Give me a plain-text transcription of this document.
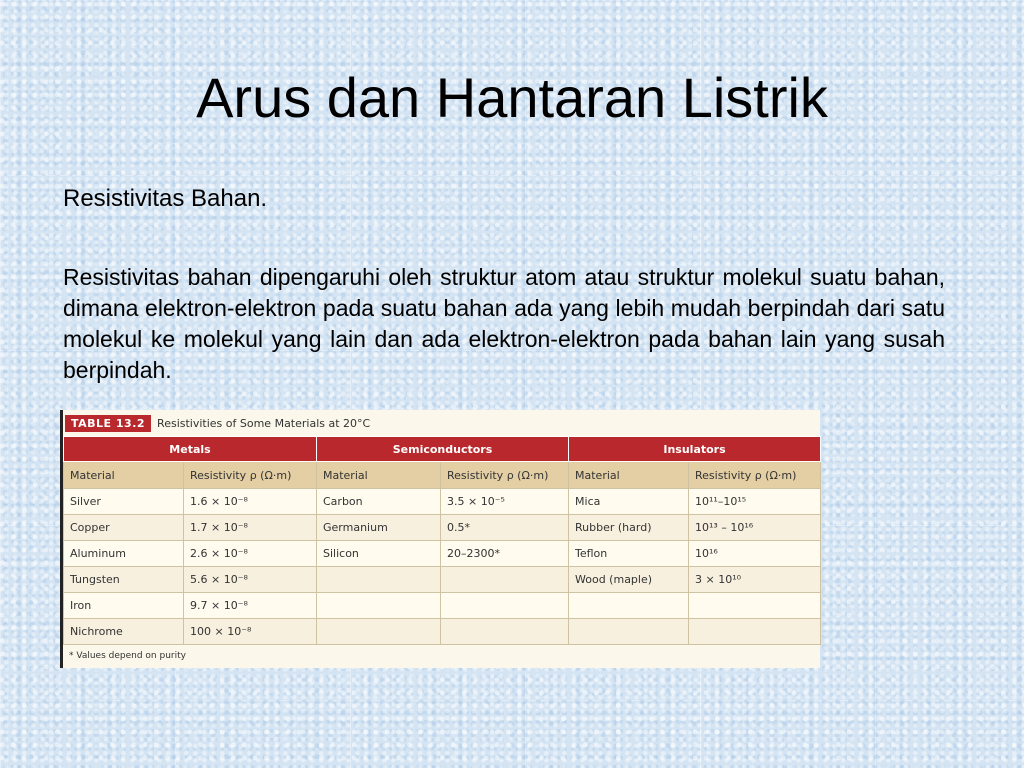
Arus dan Hantaran Listrik
Resistivitas Bahan.

Resistivitas bahan dipengaruhi oleh struktur atom atau struktur molekul suatu bahan, dimana elektron-elektron pada suatu bahan ada yang lebih mudah berpindah dari satu molekul ke molekul yang lain dan ada elektron-elektron pada bahan lain yang susah berpindah.

TABLE 13.2	Resistivities of Some Materials at 20°C
Metals		Semiconductors		Insulators	
Material	Resistivity ρ (Ω·m)	Material	Resistivity ρ (Ω·m)	Material	Resistivity ρ (Ω·m)
Silver	1.6 × 10⁻⁸	Carbon	3.5 × 10⁻⁵	Mica	10¹¹–10¹⁵
Copper	1.7 × 10⁻⁸	Germanium	0.5*	Rubber (hard)	10¹³ – 10¹⁶
Aluminum	2.6 × 10⁻⁸	Silicon	20–2300*	Teflon	10¹⁶
Tungsten	5.6 × 10⁻⁸			Wood (maple)	3 × 10¹⁰
Iron	9.7 × 10⁻⁸				
Nichrome	100 × 10⁻⁸				
* Values depend on purity
